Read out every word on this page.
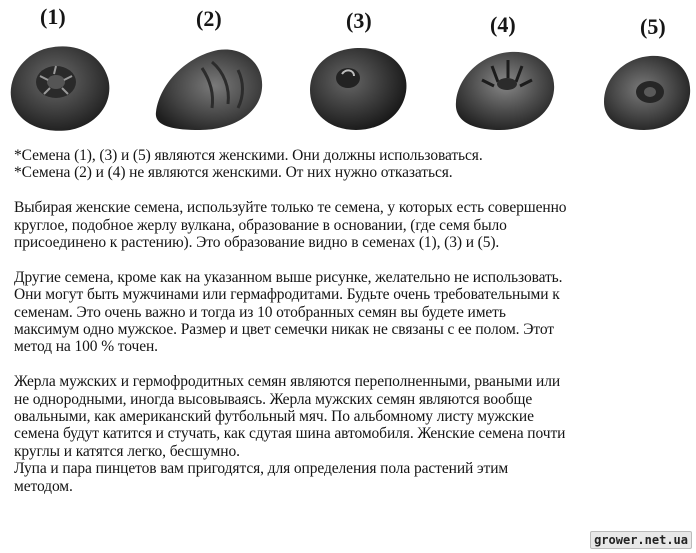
(1)	(2)	(3)	(4)	(5)

*Семена (1), (3) и (5) являются женскими. Они должны использоваться.
*Семена (2) и (4) не являются женскими. От них нужно отказаться.

Выбирая женские семена, используйте только те семена, у которых есть совершенно
круглое, подобное жерлу вулкана, образование в основании, (где семя было
присоединено к растению). Это образование видно в семенах (1), (3) и (5).

Другие семена, кроме как на указанном выше рисунке, желательно не использовать.
Они могут быть мужчинами или гермафродитами. Будьте очень требовательными к
семенам. Это очень важно и тогда из 10 отобранных семян вы будете иметь
максимум одно мужское. Размер и цвет семечки никак не связаны с ее полом. Этот
метод на 100 % точен.

Жерла мужских и гермофродитных семян являются переполненными, рваными или
не однородными, иногда высовываясь. Жерла мужских семян являются вообще
овальными, как американский футбольный мяч. По альбомному листу мужские
семена будут катится и стучать, как сдутая шина автомобиля. Женские семена почти
круглы и катятся легко, бесшумно.
Лупа и пара пинцетов вам пригодятся, для определения пола растений этим
методом.

grower.net.ua
